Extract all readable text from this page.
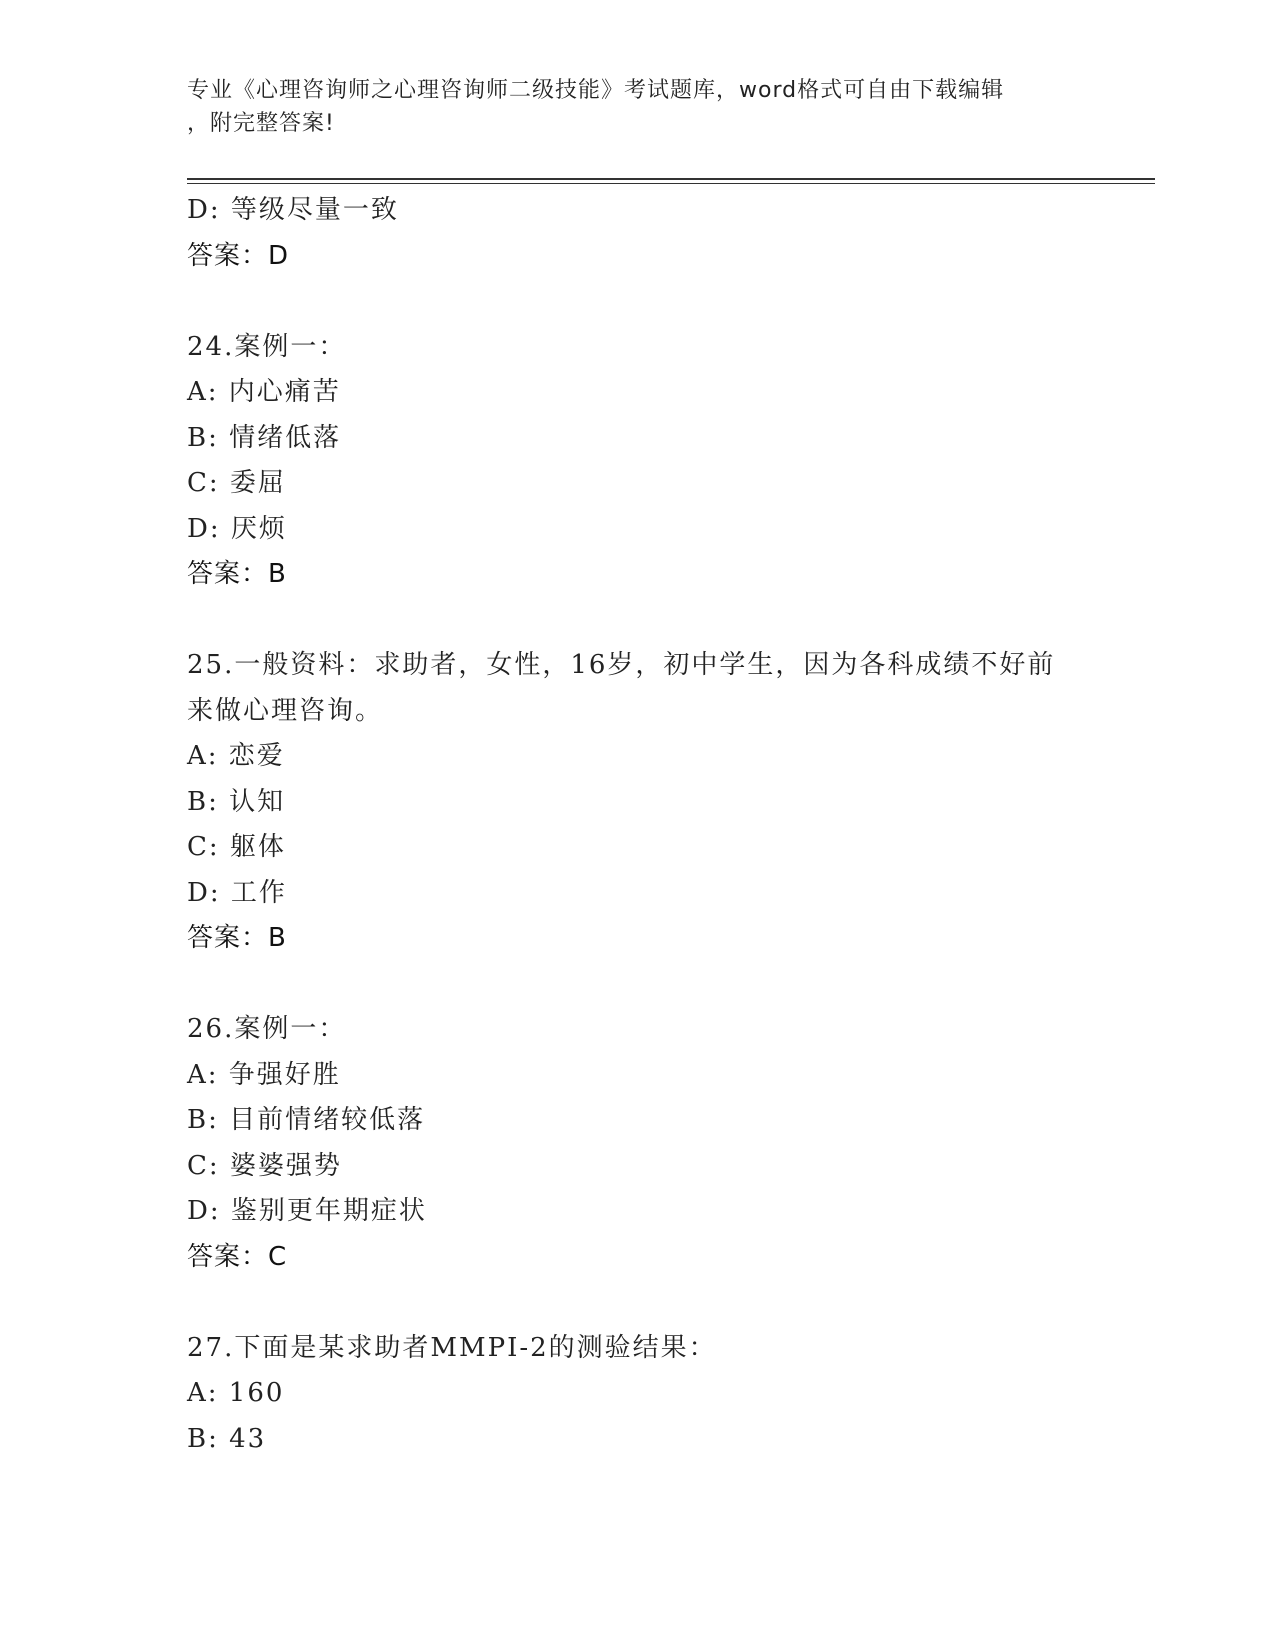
专业《心理咨询师之心理咨询师二级技能》考试题库，word格式可自由下载编辑
，附完整答案!
D: 等级尽量一致
答案：D
24.案例一：
A: 内心痛苦
B: 情绪低落
C: 委屈
D: 厌烦
答案：B
25.一般资料：求助者，女性，16岁，初中学生，因为各科成绩不好前
来做心理咨询。
A: 恋爱
B: 认知
C: 躯体
D: 工作
答案：B
26.案例一：
A: 争强好胜
B: 目前情绪较低落
C: 婆婆强势
D: 鉴别更年期症状
答案：C
27.下面是某求助者MMPI-2的测验结果：
A: 160
B: 43
